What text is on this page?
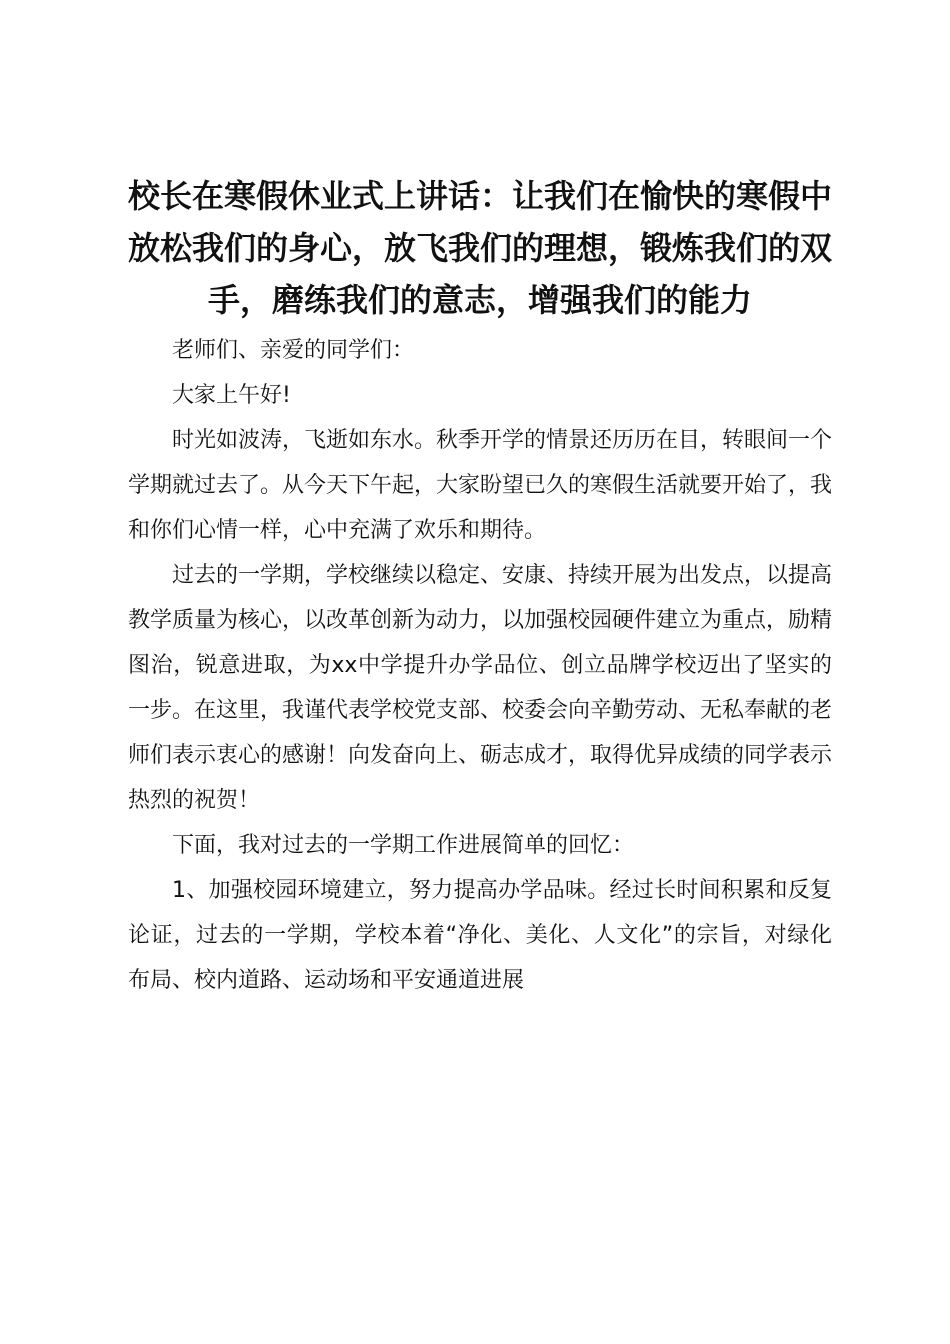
校长在寒假休业式上讲话：让我们在愉快的寒假中放松我们的身心，放飞我们的理想，锻炼我们的双手，磨练我们的意志，增强我们的能力

老师们、亲爱的同学们：

大家上午好!

时光如波涛，飞逝如东水。秋季开学的情景还历历在目，转眼间一个学期就过去了。从今天下午起，大家盼望已久的寒假生活就要开始了，我和你们心情一样，心中充满了欢乐和期待。

过去的一学期，学校继续以稳定、安康、持续开展为出发点，以提高教学质量为核心，以改革创新为动力，以加强校园硬件建立为重点，励精图治，锐意进取，为xx中学提升办学品位、创立品牌学校迈出了坚实的一步。在这里，我谨代表学校党支部、校委会向辛勤劳动、无私奉献的老师们表示衷心的感谢！向发奋向上、砺志成才，取得优异成绩的同学表示热烈的祝贺！

下面，我对过去的一学期工作进展简单的回忆：

1、加强校园环境建立，努力提高办学品味。经过长时间积累和反复论证，过去的一学期，学校本着“净化、美化、人文化”的宗旨，对绿化布局、校内道路、运动场和平安通道进展
